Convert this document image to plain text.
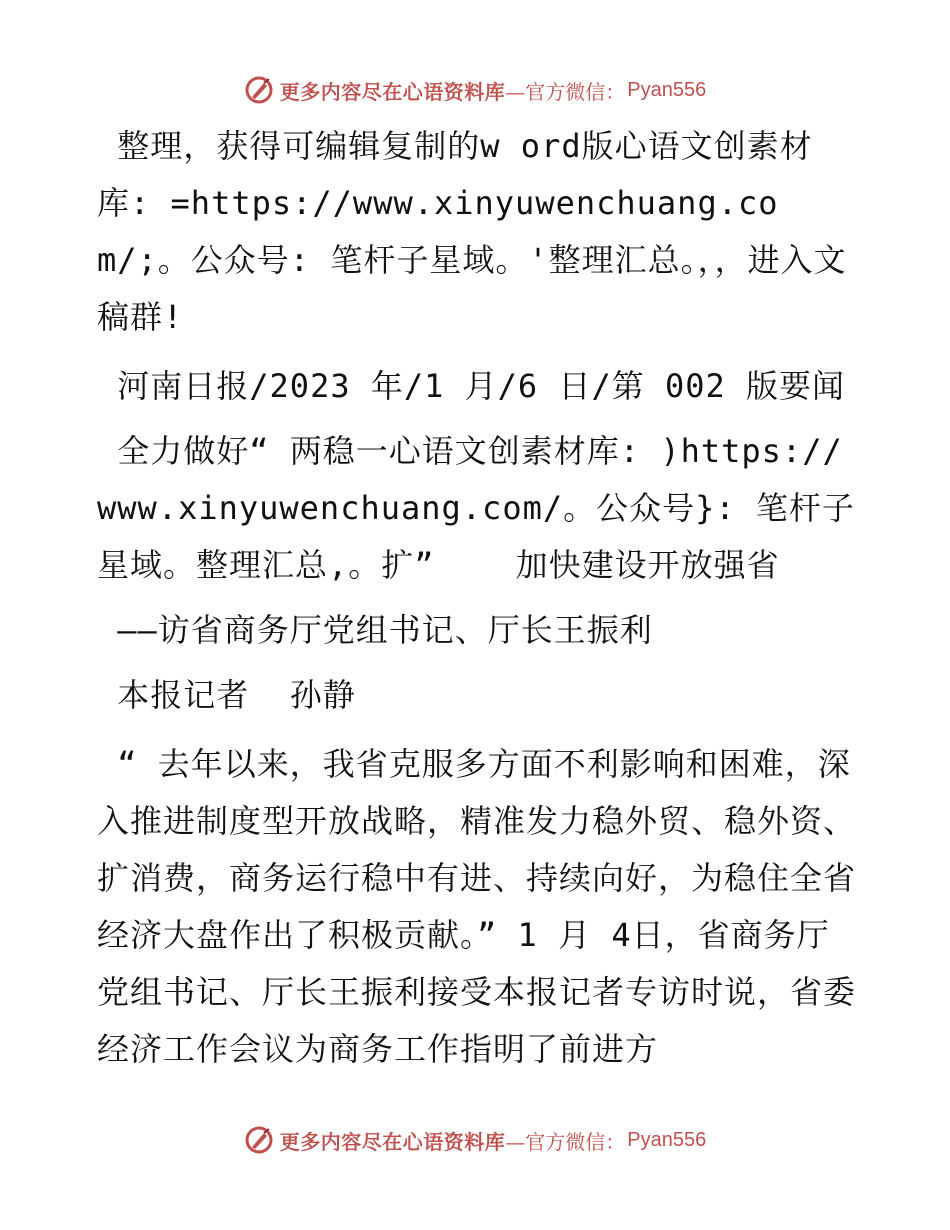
更多内容尽在心语资料库 —官方微信： Pyan556

整理，获得可编辑复制的w ord版心语文创素材库: =https://www.xinyuwenchuang.com/;。公众号: 笔杆子星域。'整理汇总。，，进入文稿群!

河南日报/2023 年/1 月/6 日/第 002 版要闻

全力做好“ 两稳一心语文创素材库: )https://www.xinyuwenchuang.com/。公众号}: 笔杆子星域。整理汇总,。扩”    加快建设开放强省

——访省商务厅党组书记、厅长王振利

本报记者  孙静

“ 去年以来，我省克服多方面不利影响和困难，深入推进制度型开放战略，精准发力稳外贸、稳外资、扩消费，商务运行稳中有进、持续向好，为稳住全省经济大盘作出了积极贡献。” 1 月 4日，省商务厅党组书记、厅长王振利接受本报记者专访时说，省委经济工作会议为商务工作指明了前进方

更多内容尽在心语资料库 —官方微信： Pyan556
